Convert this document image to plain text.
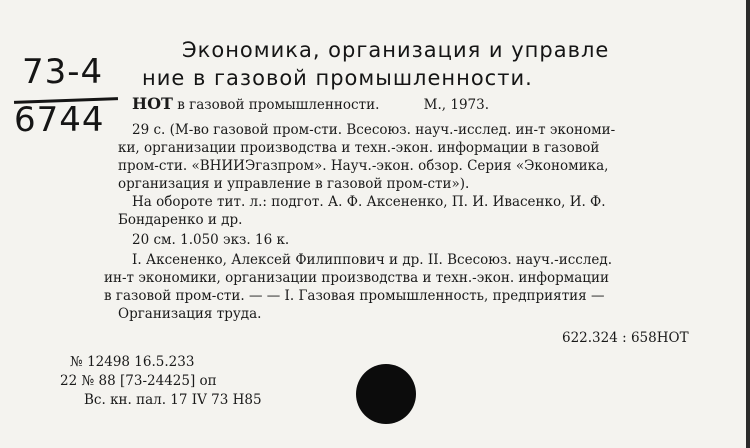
73-4
6744
Экономика, организация и управле
ние в газовой промышленности.
НОТ в газовой промышленности.	М., 1973.
29 с. (М-во газовой пром-сти. Всесоюз. науч.-исслед. ин-т экономи-
ки, организации производства и техн.-экон. информации в газовой
пром-сти. «ВНИИЭгазпром». Науч.-экон. обзор. Серия «Экономика,
организация и управление в газовой пром-сти»).
На обороте тит. л.: подгот. А. Ф. Аксененко, П. И. Ивасенко, И. Ф.
Бондаренко и др.
20 см. 1.050 экз. 16 к.
I. Аксененко, Алексей Филиппович и др. II. Всесоюз. науч.-исслед.
ин-т экономики, организации производства и техн.-экон. информации
в газовой пром-сти. — — I. Газовая промышленность, предприятия —
Организация труда.
622.324 : 658НОТ
№ 12498 16.5.233
22 № 88 [73-24425] оп
Вс. кн. пал. 17 IV 73 Н85
